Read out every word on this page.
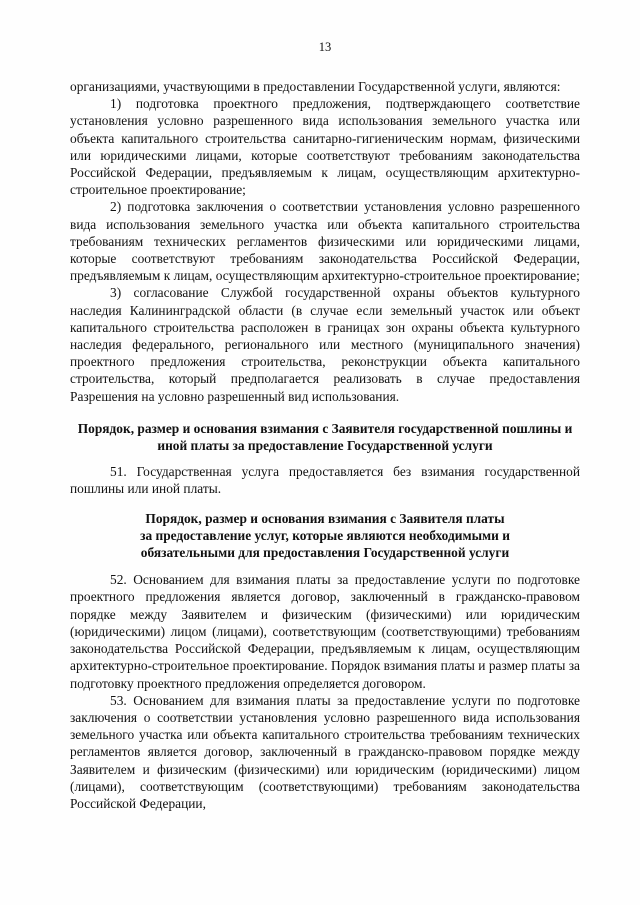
13

организациями, участвующими в предоставлении Государственной услуги, являются:

1) подготовка проектного предложения, подтверждающего соответствие установления условно разрешенного вида использования земельного участка или объекта капитального строительства санитарно-гигиеническим нормам, физическими или юридическими лицами, которые соответствуют требованиям законодательства Российской Федерации, предъявляемым к лицам, осуществляющим архитектурно-строительное проектирование;

2) подготовка заключения о соответствии установления условно разрешенного вида использования земельного участка или объекта капитального строительства требованиям технических регламентов физическими или юридическими лицами, которые соответствуют требованиям законодательства Российской Федерации, предъявляемым к лицам, осуществляющим архитектурно-строительное проектирование;

3) согласование Службой государственной охраны объектов культурного наследия Калининградской области (в случае если земельный участок или объект капитального строительства расположен в границах зон охраны объекта культурного наследия федерального, регионального или местного (муниципального значения) проектного предложения строительства, реконструкции объекта капитального строительства, который предполагается реализовать в случае предоставления Разрешения на условно разрешенный вид использования.

Порядок, размер и основания взимания с Заявителя государственной пошлины и иной платы за предоставление Государственной услуги

51. Государственная услуга предоставляется без взимания государственной пошлины или иной платы.

Порядок, размер и основания взимания с Заявителя платы
за предоставление услуг, которые являются необходимыми и
обязательными для предоставления Государственной услуги

52. Основанием для взимания платы за предоставление услуги по подготовке проектного предложения является договор, заключенный в гражданско-правовом порядке между Заявителем и физическим (физическими) или юридическим (юридическими) лицом (лицами), соответствующим (соответствующими) требованиям законодательства Российской Федерации, предъявляемым к лицам, осуществляющим архитектурно-строительное проектирование. Порядок взимания платы и размер платы за подготовку проектного предложения определяется договором.

53. Основанием для взимания платы за предоставление услуги по подготовке заключения о соответствии установления условно разрешенного вида использования земельного участка или объекта капитального строительства требованиям технических регламентов является договор, заключенный в гражданско-правовом порядке между Заявителем и физическим (физическими) или юридическим (юридическими) лицом (лицами), соответствующим (соответствующими) требованиям законодательства Российской Федерации,
